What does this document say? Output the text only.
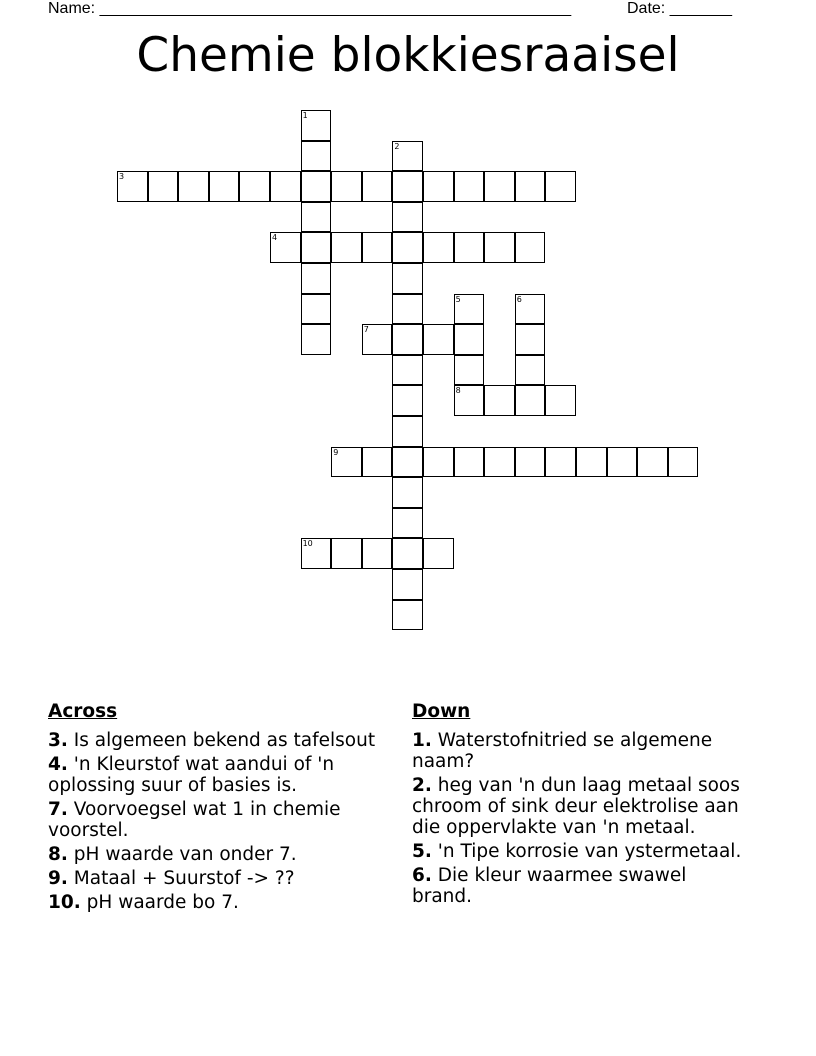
Name: _____________________________________________________	Date: _______
Chemie blokkiesraaisel
1
2
3
4
5
8
6
7
9
10
Across
3. Is algemeen bekend as tafelsout
4. 'n Kleurstof wat aandui of 'n oplossing suur of basies is.
7. Voorvoegsel wat 1 in chemie voorstel.
8. pH waarde van onder 7.
9. Mataal + Suurstof -> ??
10. pH waarde bo 7.
Down
1. Waterstofnitried se algemene naam?
2. heg van 'n dun laag metaal soos chroom of sink deur elektrolise aan die oppervlakte van 'n metaal.
5. 'n Tipe korrosie van ystermetaal.
6. Die kleur waarmee swawel brand.
